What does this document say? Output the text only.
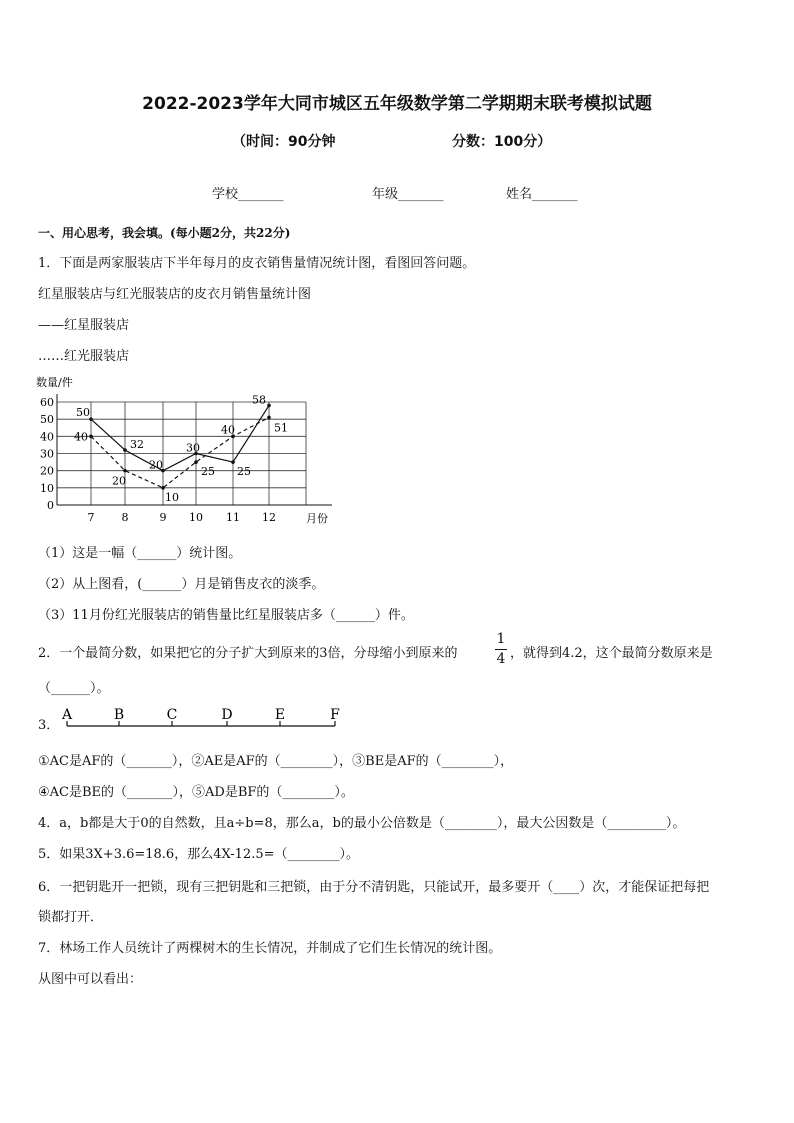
2022-2023学年大同市城区五年级数学第二学期期末联考模拟试题
（时间：90分钟	分数：100分）
学校_______	年级_______	姓名_______
一、用心思考，我会填。(每小题2分，共22分)
1．下面是两家服装店下半年每月的皮衣销售量情况统计图，看图回答问题。
红星服装店与红光服装店的皮衣月销售量统计图
——红星服装店
……红光服装店
数量/件
0
10
20
30
40
50
60
7 8	9 10 11 12	月份
50
32
20
30
25
58
40
20
10
25
40	51
（1）这是一幅（______）统计图。
（2）从上图看，(______）月是销售皮衣的淡季。
（3）11月份红光服装店的销售量比红星服装店多（______）件。
2．一个最简分数，如果把它的分子扩大到原来的3倍，分母缩小到原来的
1
4 ，就得到4.2，这个最简分数原来是
（______）。
3．
A	B	C	D	E	F
①AC是AF的（_______），②AE是AF的（________），③BE是AF的（________），
④AC是BE的（_______），⑤AD是BF的（________）。
4．a，b都是大于0的自然数，且a÷b=8，那么a，b的最小公倍数是（________），最大公因数是（_________）。
5．如果3X+3.6=18.6，那么4X-12.5=（________）。
6．一把钥匙开一把锁，现有三把钥匙和三把锁，由于分不清钥匙，只能试开，最多要开（____）次，才能保证把每把
锁都打开．
7．林场工作人员统计了两棵树木的生长情况，并制成了它们生长情况的统计图。
从图中可以看出：
